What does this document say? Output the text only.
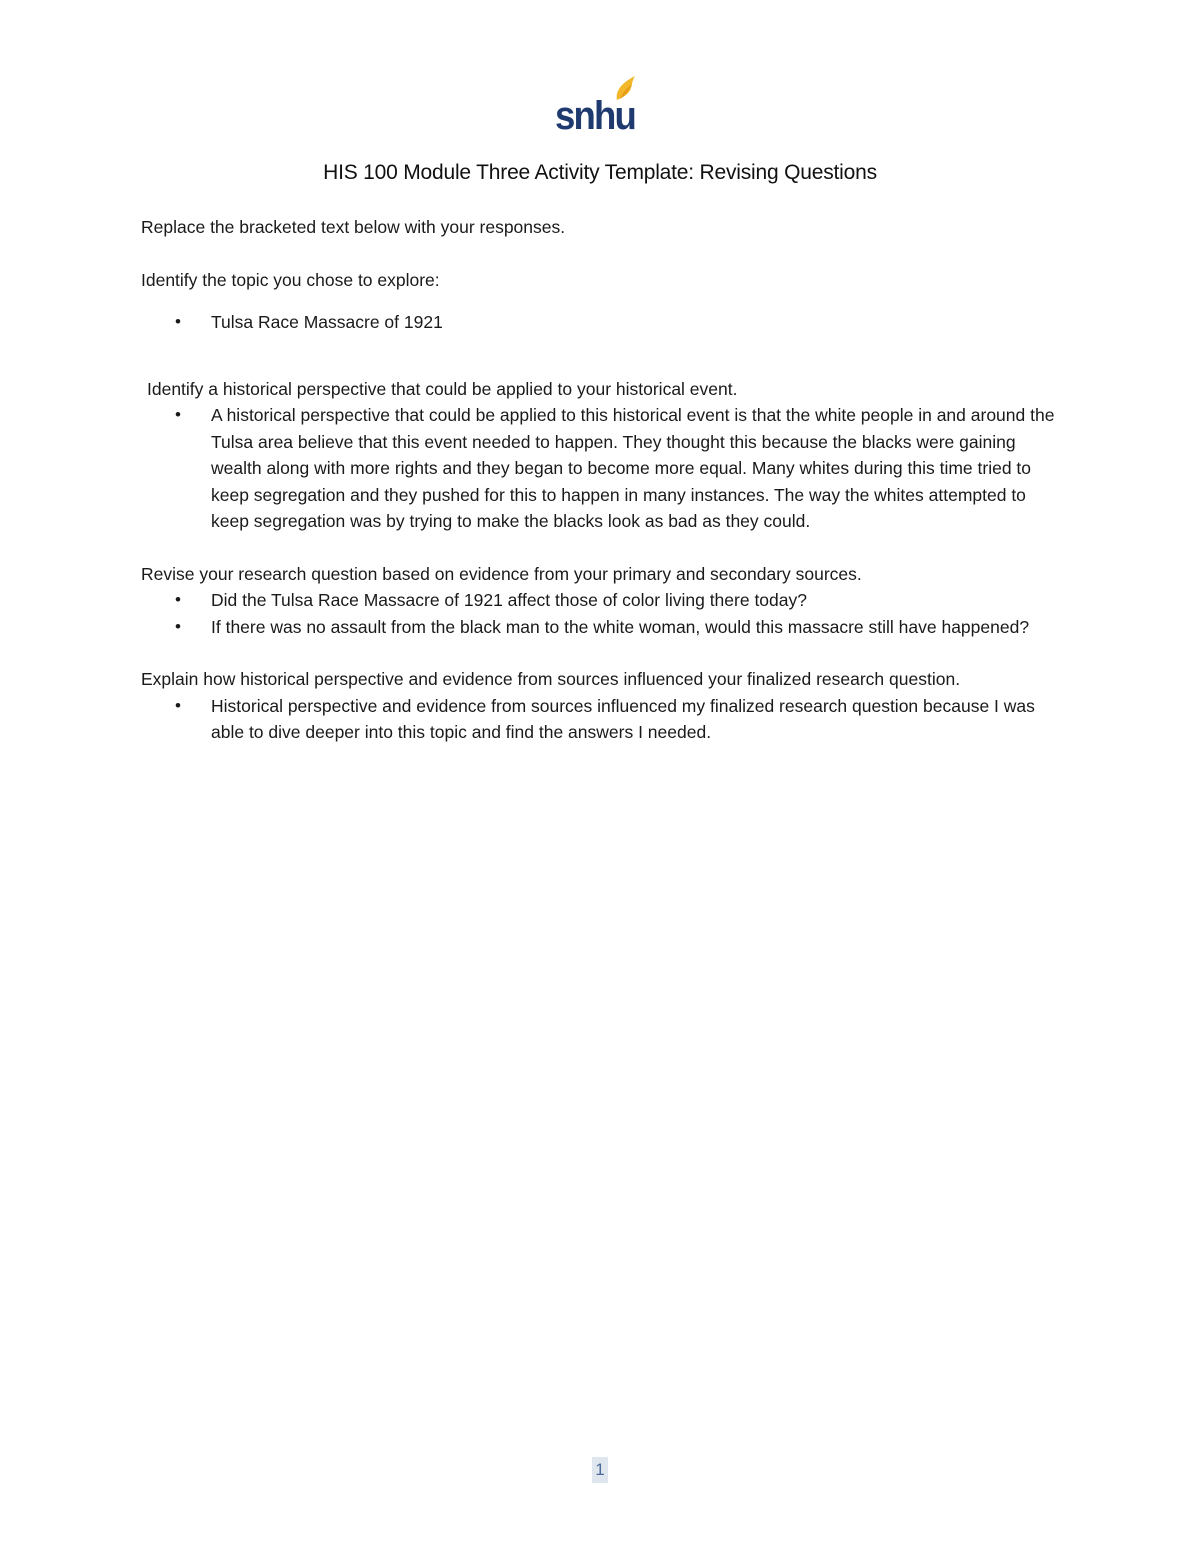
snhu
HIS 100 Module Three Activity Template: Revising Questions

Replace the bracketed text below with your responses.

Identify the topic you chose to explore:

• Tulsa Race Massacre of 1921

Identify a historical perspective that could be applied to your historical event.

• A historical perspective that could be applied to this historical event is that the white people in and around the Tulsa area believe that this event needed to happen. They thought this because the blacks were gaining wealth along with more rights and they began to become more equal. Many whites during this time tried to keep segregation and they pushed for this to happen in many instances. The way the whites attempted to keep segregation was by trying to make the blacks look as bad as they could.

Revise your research question based on evidence from your primary and secondary sources.

• Did the Tulsa Race Massacre of 1921 affect those of color living there today?
• If there was no assault from the black man to the white woman, would this massacre still have happened?

Explain how historical perspective and evidence from sources influenced your finalized research question.

• Historical perspective and evidence from sources influenced my finalized research question because I was able to dive deeper into this topic and find the answers I needed.
1
